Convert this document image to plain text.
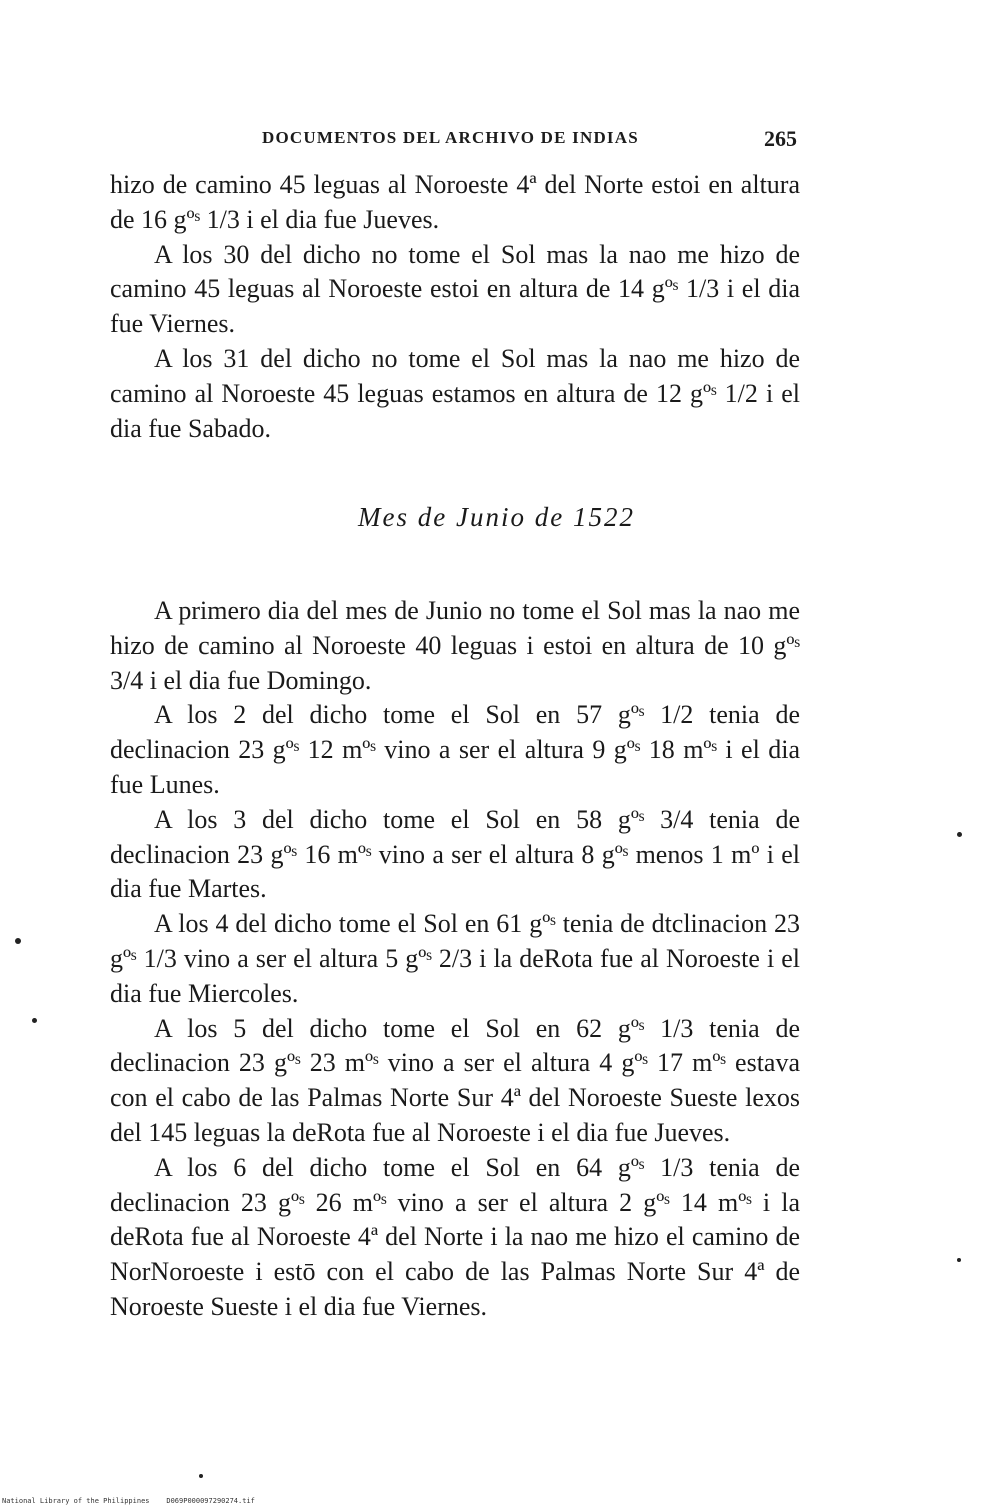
DOCUMENTOS DEL ARCHIVO DE INDIAS	265

hizo de camino 45 leguas al Noroeste 4ª del Norte estoi en altura de 16 gºˢ 1/3 i el dia fue Jueves.

A los 30 del dicho no tome el Sol mas la nao me hizo de camino 45 leguas al Noroeste estoi en altura de 14 gºˢ 1/3 i el dia fue Viernes.

A los 31 del dicho no tome el Sol mas la nao me hizo de camino al Noroeste 45 leguas estamos en altura de 12 gºˢ 1/2 i el dia fue Sabado.

Mes de Junio de 1522

A primero dia del mes de Junio no tome el Sol mas la nao me hizo de camino al Noroeste 40 leguas i estoi en altura de 10 gºˢ 3/4 i el dia fue Domingo.

A los 2 del dicho tome el Sol en 57 gºˢ 1/2 tenia de declinacion 23 gºˢ 12 mºˢ vino a ser el altura 9 gºˢ 18 mºˢ i el dia fue Lunes.

A los 3 del dicho tome el Sol en 58 gºˢ 3/4 tenia de declinacion 23 gºˢ 16 mºˢ vino a ser el altura 8 gºˢ menos 1 mº i el dia fue Martes.

A los 4 del dicho tome el Sol en 61 gºˢ tenia de dtclinacion 23 gºˢ 1/3 vino a ser el altura 5 gºˢ 2/3 i la deRota fue al Noroeste i el dia fue Miercoles.

A los 5 del dicho tome el Sol en 62 gºˢ 1/3 tenia de declinacion 23 gºˢ 23 mºˢ vino a ser el altura 4 gºˢ 17 mºˢ estava con el cabo de las Palmas Norte Sur 4ª del Noroeste Sueste lexos del 145 leguas la deRota fue al Noroeste i el dia fue Jueves.

A los 6 del dicho tome el Sol en 64 gºˢ 1/3 tenia de declinacion 23 gºˢ 26 mºˢ vino a ser el altura 2 gºˢ 14 mºˢ i la deRota fue al Noroeste 4ª del Norte i la nao me hizo el camino de NorNoroeste i estō con el cabo de las Palmas Norte Sur 4ª de Noroeste Sueste i el dia fue Viernes.

National Library of the Philippines D069P000097290274.tif
